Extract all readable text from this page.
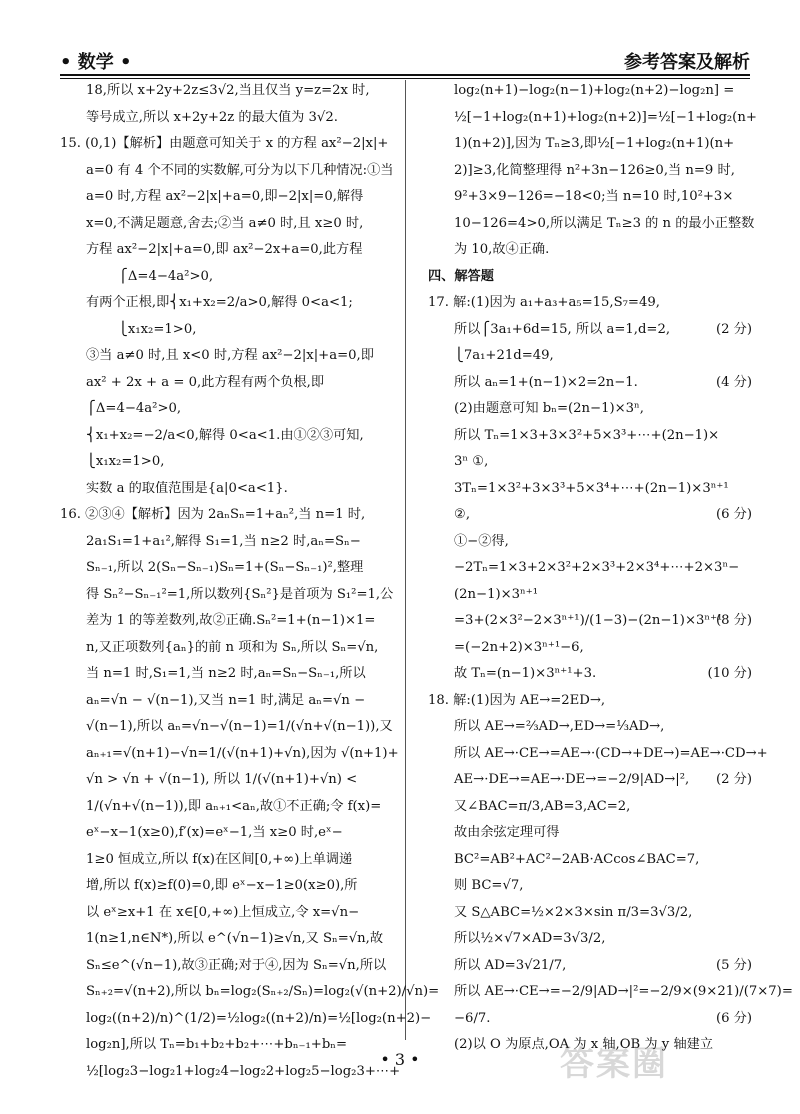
• 数学 •	参考答案及解析
18,所以 x+2y+2z≤3√2,当且仅当 y=z=2x 时,
等号成立,所以 x+2y+2z 的最大值为 3√2.
15. (0,1)【解析】由题意可知关于 x 的方程 ax²−2|x|+
a=0 有 4 个不同的实数解,可分为以下几种情况:①当
a=0 时,方程 ax²−2|x|+a=0,即−2|x|=0,解得
x=0,不满足题意,舍去;②当 a≠0 时,且 x≥0 时,
方程 ax²−2|x|+a=0,即 ax²−2x+a=0,此方程
⎧Δ=4−4a²>0,
有两个正根,即⎨x₁+x₂=2/a>0,解得 0<a<1;
⎩x₁x₂=1>0,
③当 a≠0 时,且 x<0 时,方程 ax²−2|x|+a=0,即
ax² + 2x + a = 0,此方程有两个负根,即
⎧Δ=4−4a²>0,
⎨x₁+x₂=−2/a<0,解得 0<a<1.由①②③可知,
⎩x₁x₂=1>0,
实数 a 的取值范围是{a|0<a<1}.
16. ②③④【解析】因为 2aₙSₙ=1+aₙ²,当 n=1 时,
2a₁S₁=1+a₁²,解得 S₁=1,当 n≥2 时,aₙ=Sₙ−
Sₙ₋₁,所以 2(Sₙ−Sₙ₋₁)Sₙ=1+(Sₙ−Sₙ₋₁)²,整理
得 Sₙ²−Sₙ₋₁²=1,所以数列{Sₙ²}是首项为 S₁²=1,公
差为 1 的等差数列,故②正确.Sₙ²=1+(n−1)×1=
n,又正项数列{aₙ}的前 n 项和为 Sₙ,所以 Sₙ=√n,
当 n=1 时,S₁=1,当 n≥2 时,aₙ=Sₙ−Sₙ₋₁,所以
aₙ=√n − √(n−1),又当 n=1 时,满足 aₙ=√n −
√(n−1),所以 aₙ=√n−√(n−1)=1/(√n+√(n−1)),又
aₙ₊₁=√(n+1)−√n=1/(√(n+1)+√n),因为 √(n+1)+
√n > √n + √(n−1), 所以 1/(√(n+1)+√n) <
1/(√n+√(n−1)),即 aₙ₊₁<aₙ,故①不正确;令 f(x)=
eˣ−x−1(x≥0),f′(x)=eˣ−1,当 x≥0 时,eˣ−
1≥0 恒成立,所以 f(x)在区间[0,+∞)上单调递
增,所以 f(x)≥f(0)=0,即 eˣ−x−1≥0(x≥0),所
以 eˣ≥x+1 在 x∈[0,+∞)上恒成立,令 x=√n−
1(n≥1,n∈N*),所以 e^(√n−1)≥√n,又 Sₙ=√n,故
Sₙ≤e^(√n−1),故③正确;对于④,因为 Sₙ=√n,所以
Sₙ₊₂=√(n+2),所以 bₙ=log₂(Sₙ₊₂/Sₙ)=log₂(√(n+2)/√n)=
log₂((n+2)/n)^(1/2)=½log₂((n+2)/n)=½[log₂(n+2)−
log₂n],所以 Tₙ=b₁+b₂+b₂+⋯+bₙ₋₁+bₙ=
½[log₂3−log₂1+log₂4−log₂2+log₂5−log₂3+⋯+
log₂(n+1)−log₂(n−1)+log₂(n+2)−log₂n] =
½[−1+log₂(n+1)+log₂(n+2)]=½[−1+log₂(n+
1)(n+2)],因为 Tₙ≥3,即½[−1+log₂(n+1)(n+
2)]≥3,化简整理得 n²+3n−126≥0,当 n=9 时,
9²+3×9−126=−18<0;当 n=10 时,10²+3×
10−126=4>0,所以满足 Tₙ≥3 的 n 的最小正整数
为 10,故④正确.
四、解答题
17. 解:(1)因为 a₁+a₃+a₅=15,S₇=49,
(2 分)
所以⎧3a₁+6d=15, 所以 a=1,d=2,
⎩7a₁+21d=49,
(4 分)
所以 aₙ=1+(n−1)×2=2n−1.
(2)由题意可知 bₙ=(2n−1)×3ⁿ,
所以 Tₙ=1×3+3×3²+5×3³+⋯+(2n−1)×
3ⁿ ①,
3Tₙ=1×3²+3×3³+5×3⁴+⋯+(2n−1)×3ⁿ⁺¹
(6 分)
②,
①−②得,
−2Tₙ=1×3+2×3²+2×3³+2×3⁴+⋯+2×3ⁿ−
(2n−1)×3ⁿ⁺¹
(8 分)
=3+(2×3²−2×3ⁿ⁺¹)/(1−3)−(2n−1)×3ⁿ⁺¹
=(−2n+2)×3ⁿ⁺¹−6,
(10 分)
故 Tₙ=(n−1)×3ⁿ⁺¹+3.
18. 解:(1)因为 AE→=2ED→,
所以 AE→=⅔AD→,ED→=⅓AD→,
所以 AE→·CE→=AE→·(CD→+DE→)=AE→·CD→+
(2 分)
AE→·DE→=AE→·DE→=−2/9|AD→|²,
又∠BAC=π/3,AB=3,AC=2,
故由余弦定理可得
BC²=AB²+AC²−2AB·ACcos∠BAC=7,
则 BC=√7,
又 S△ABC=½×2×3×sin π/3=3√3/2,
所以½×√7×AD=3√3/2,
(5 分)
所以 AD=3√21/7,
所以 AE→·CE→=−2/9|AD→|²=−2/9×(9×21)/(7×7)=
(6 分)
−6/7.
(2)以 O 为原点,OA 为 x 轴,OB 为 y 轴建立
• 3 •	答案圈
